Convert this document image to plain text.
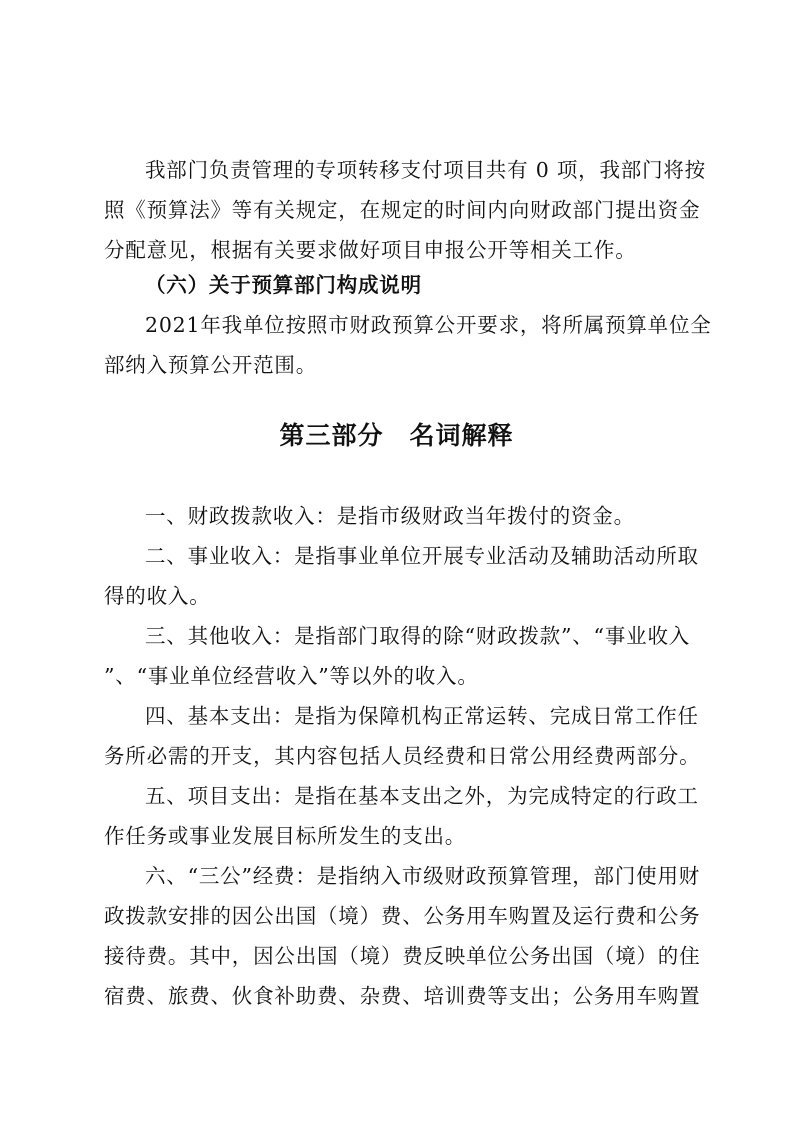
我部门负责管理的专项转移支付项目共有 0 项，我部门将按
照《预算法》等有关规定，在规定的时间内向财政部门提出资金
分配意见，根据有关要求做好项目申报公开等相关工作。

（六）关于预算部门构成说明

2021年我单位按照市财政预算公开要求，将所属预算单位全
部纳入预算公开范围。

第三部分　名词解释

一、财政拨款收入：是指市级财政当年拨付的资金。

二、事业收入：是指事业单位开展专业活动及辅助活动所取
得的收入。

三、其他收入：是指部门取得的除“财政拨款”、“事业收入
”、“事业单位经营收入”等以外的收入。

四、基本支出：是指为保障机构正常运转、完成日常工作任
务所必需的开支，其内容包括人员经费和日常公用经费两部分。

五、项目支出：是指在基本支出之外，为完成特定的行政工
作任务或事业发展目标所发生的支出。

六、“三公”经费：是指纳入市级财政预算管理，部门使用财
政拨款安排的因公出国（境）费、公务用车购置及运行费和公务
接待费。其中，因公出国（境）费反映单位公务出国（境）的住
宿费、旅费、伙食补助费、杂费、培训费等支出；公务用车购置
